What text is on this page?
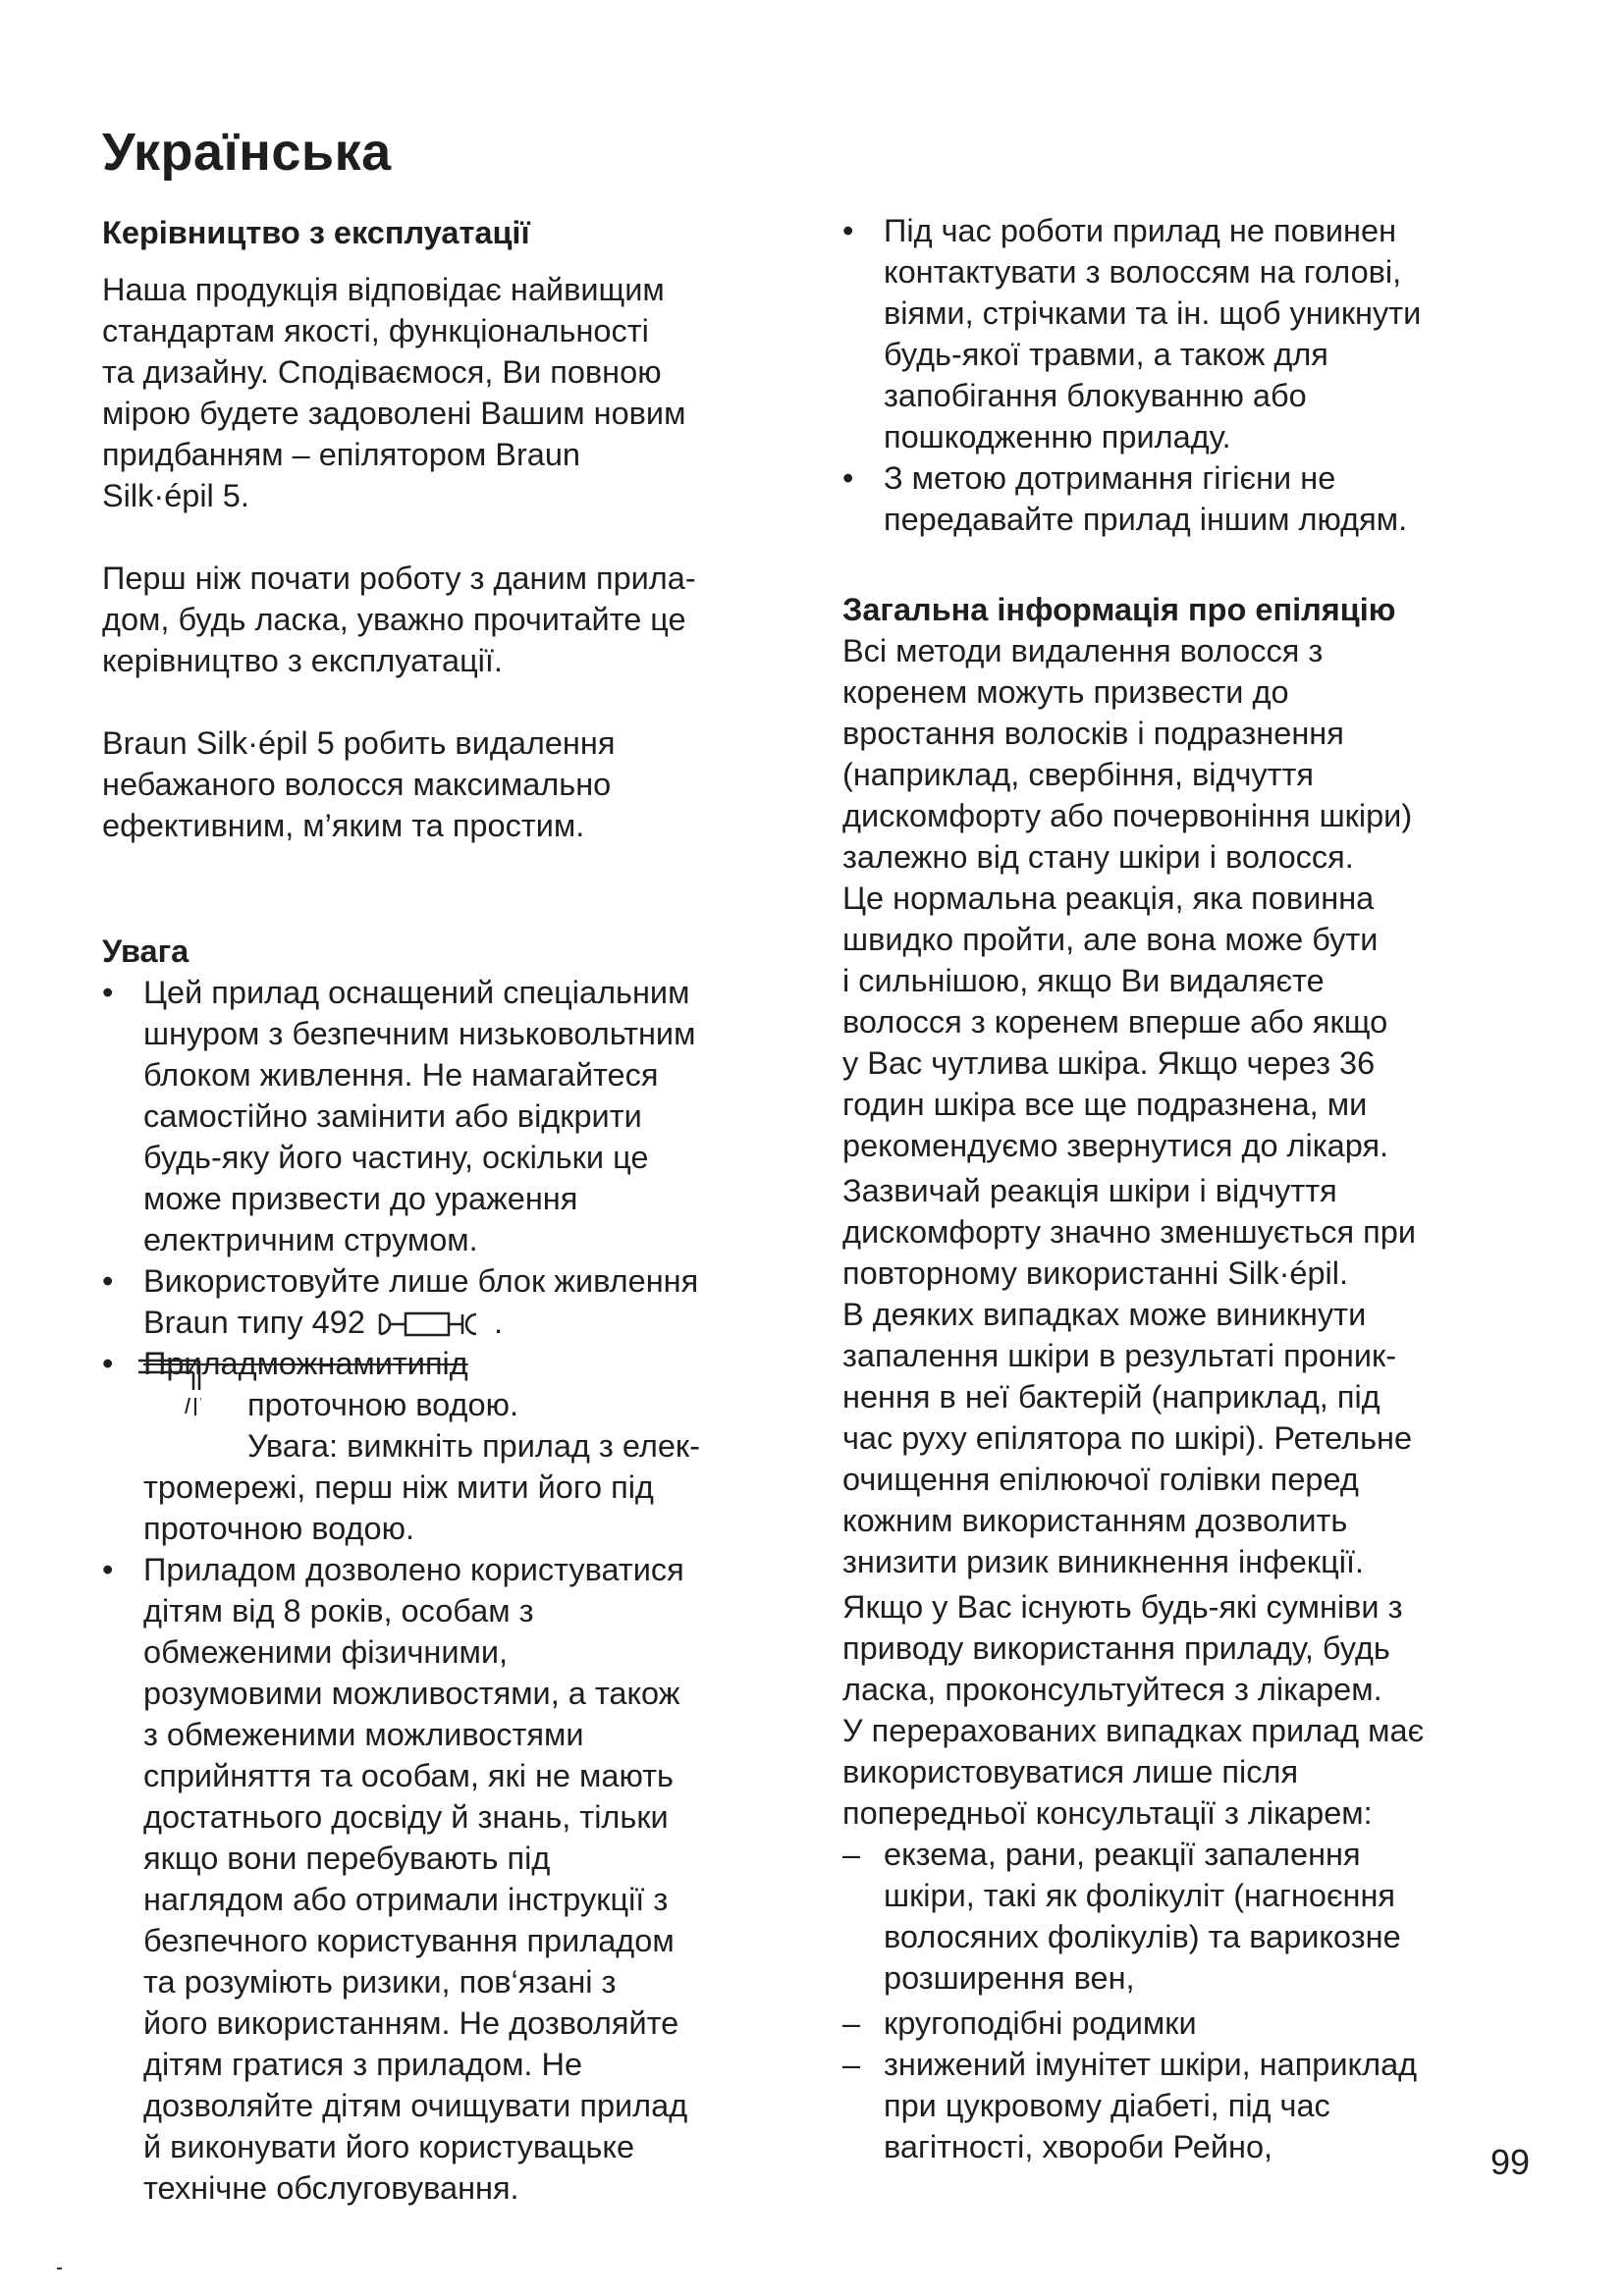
Українська
Керівництво з експлуатації
Наша продукція відповідає найвищим
стандартам якості, функціональності
та дизайну. Сподіваємося, Ви повною
мірою будете задоволені Вашим новим
придбанням – епілятором Braun
Silk·épil 5.
Перш ніж почати роботу з даним прила-
дом, будь ласка, уважно прочитайте це
керівництво з експлуатації.
Braun Silk·épil 5 робить видалення
небажаного волосся максимально
ефективним, м’яким та простим.
Увага
• Цей прилад оснащений спеціальним
шнуром з безпечним низьковольтним
блоком живлення. Не намагайтеся
самостійно замінити або відкрити
будь-яку його частину, оскільки це
може призвести до ураження
електричним струмом.
• Використовуйте лише блок живлення
Braun типу 492	.
• Приладможнамитипід
проточною водою.
Увага: вимкніть прилад з елек-
тромережі, перш ніж мити його під
проточною водою.
• Приладом дозволено користуватися
дітям від 8 років, особам з
обмеженими фізичними,
розумовими можливостями, а також
з обмеженими можливостями
сприйняття та особам, які не мають
достатнього досвіду й знань, тільки
якщо вони перебувають під
наглядом або отримали інструкції з
безпечного користування приладом
та розуміють ризики, пов‘язані з
його використанням. Не дозволяйте
дітям гратися з приладом. Не
дозволяйте дітям очищувати прилад
й виконувати його користувацьке
технічне обслуговування.
• Під час роботи прилад не повинен
контактувати з волоссям на голові,
віями, стрічками та ін. щоб уникнути
будь-якої травми, а також для
запобігання блокуванню або
пошкодженню приладу.
• З метою дотримання гігієни не
передавайте прилад іншим людям.
Загальна інформація про епіляцію
Всі методи видалення волосся з
коренем можуть призвести до
вростання волосків і подразнення
(наприклад, свербіння, відчуття
дискомфорту або почервоніння шкіри)
залежно від стану шкіри і волосся.
Це нормальна реакція, яка повинна
швидко пройти, але вона може бути
і сильнішою, якщо Ви видаляєте
волосся з коренем вперше або якщо
у Вас чутлива шкіра. Якщо через 36
годин шкіра все ще подразнена, ми
рекомендуємо звернутися до лікаря.
Зазвичай реакція шкіри і відчуття
дискомфорту значно зменшується при
повторному використанні Silk·épil.
В деяких випадках може виникнути
запалення шкіри в результаті проник-
нення в неї бактерій (наприклад, під
час руху епілятора по шкірі). Ретельне
очищення епілюючої голівки перед
кожним використанням дозволить
знизити ризик виникнення інфекції.
Якщо у Вас існують будь-які сумніви з
приводу використання приладу, будь
ласка, проконсультуйтеся з лікарем.
У перерахованих випадках прилад має
використовуватися лише після
попередньої консультації з лікарем:
– екзема, рани, реакції запалення
шкіри, такі як фолікуліт (нагноєння
волосяних фолікулів) та варикозне
розширення вен,
– кругоподібні родимки
– знижений імунітет шкіри, наприклад
при цукровому діабеті, під час
вагітності, хвороби Рейно,	99
